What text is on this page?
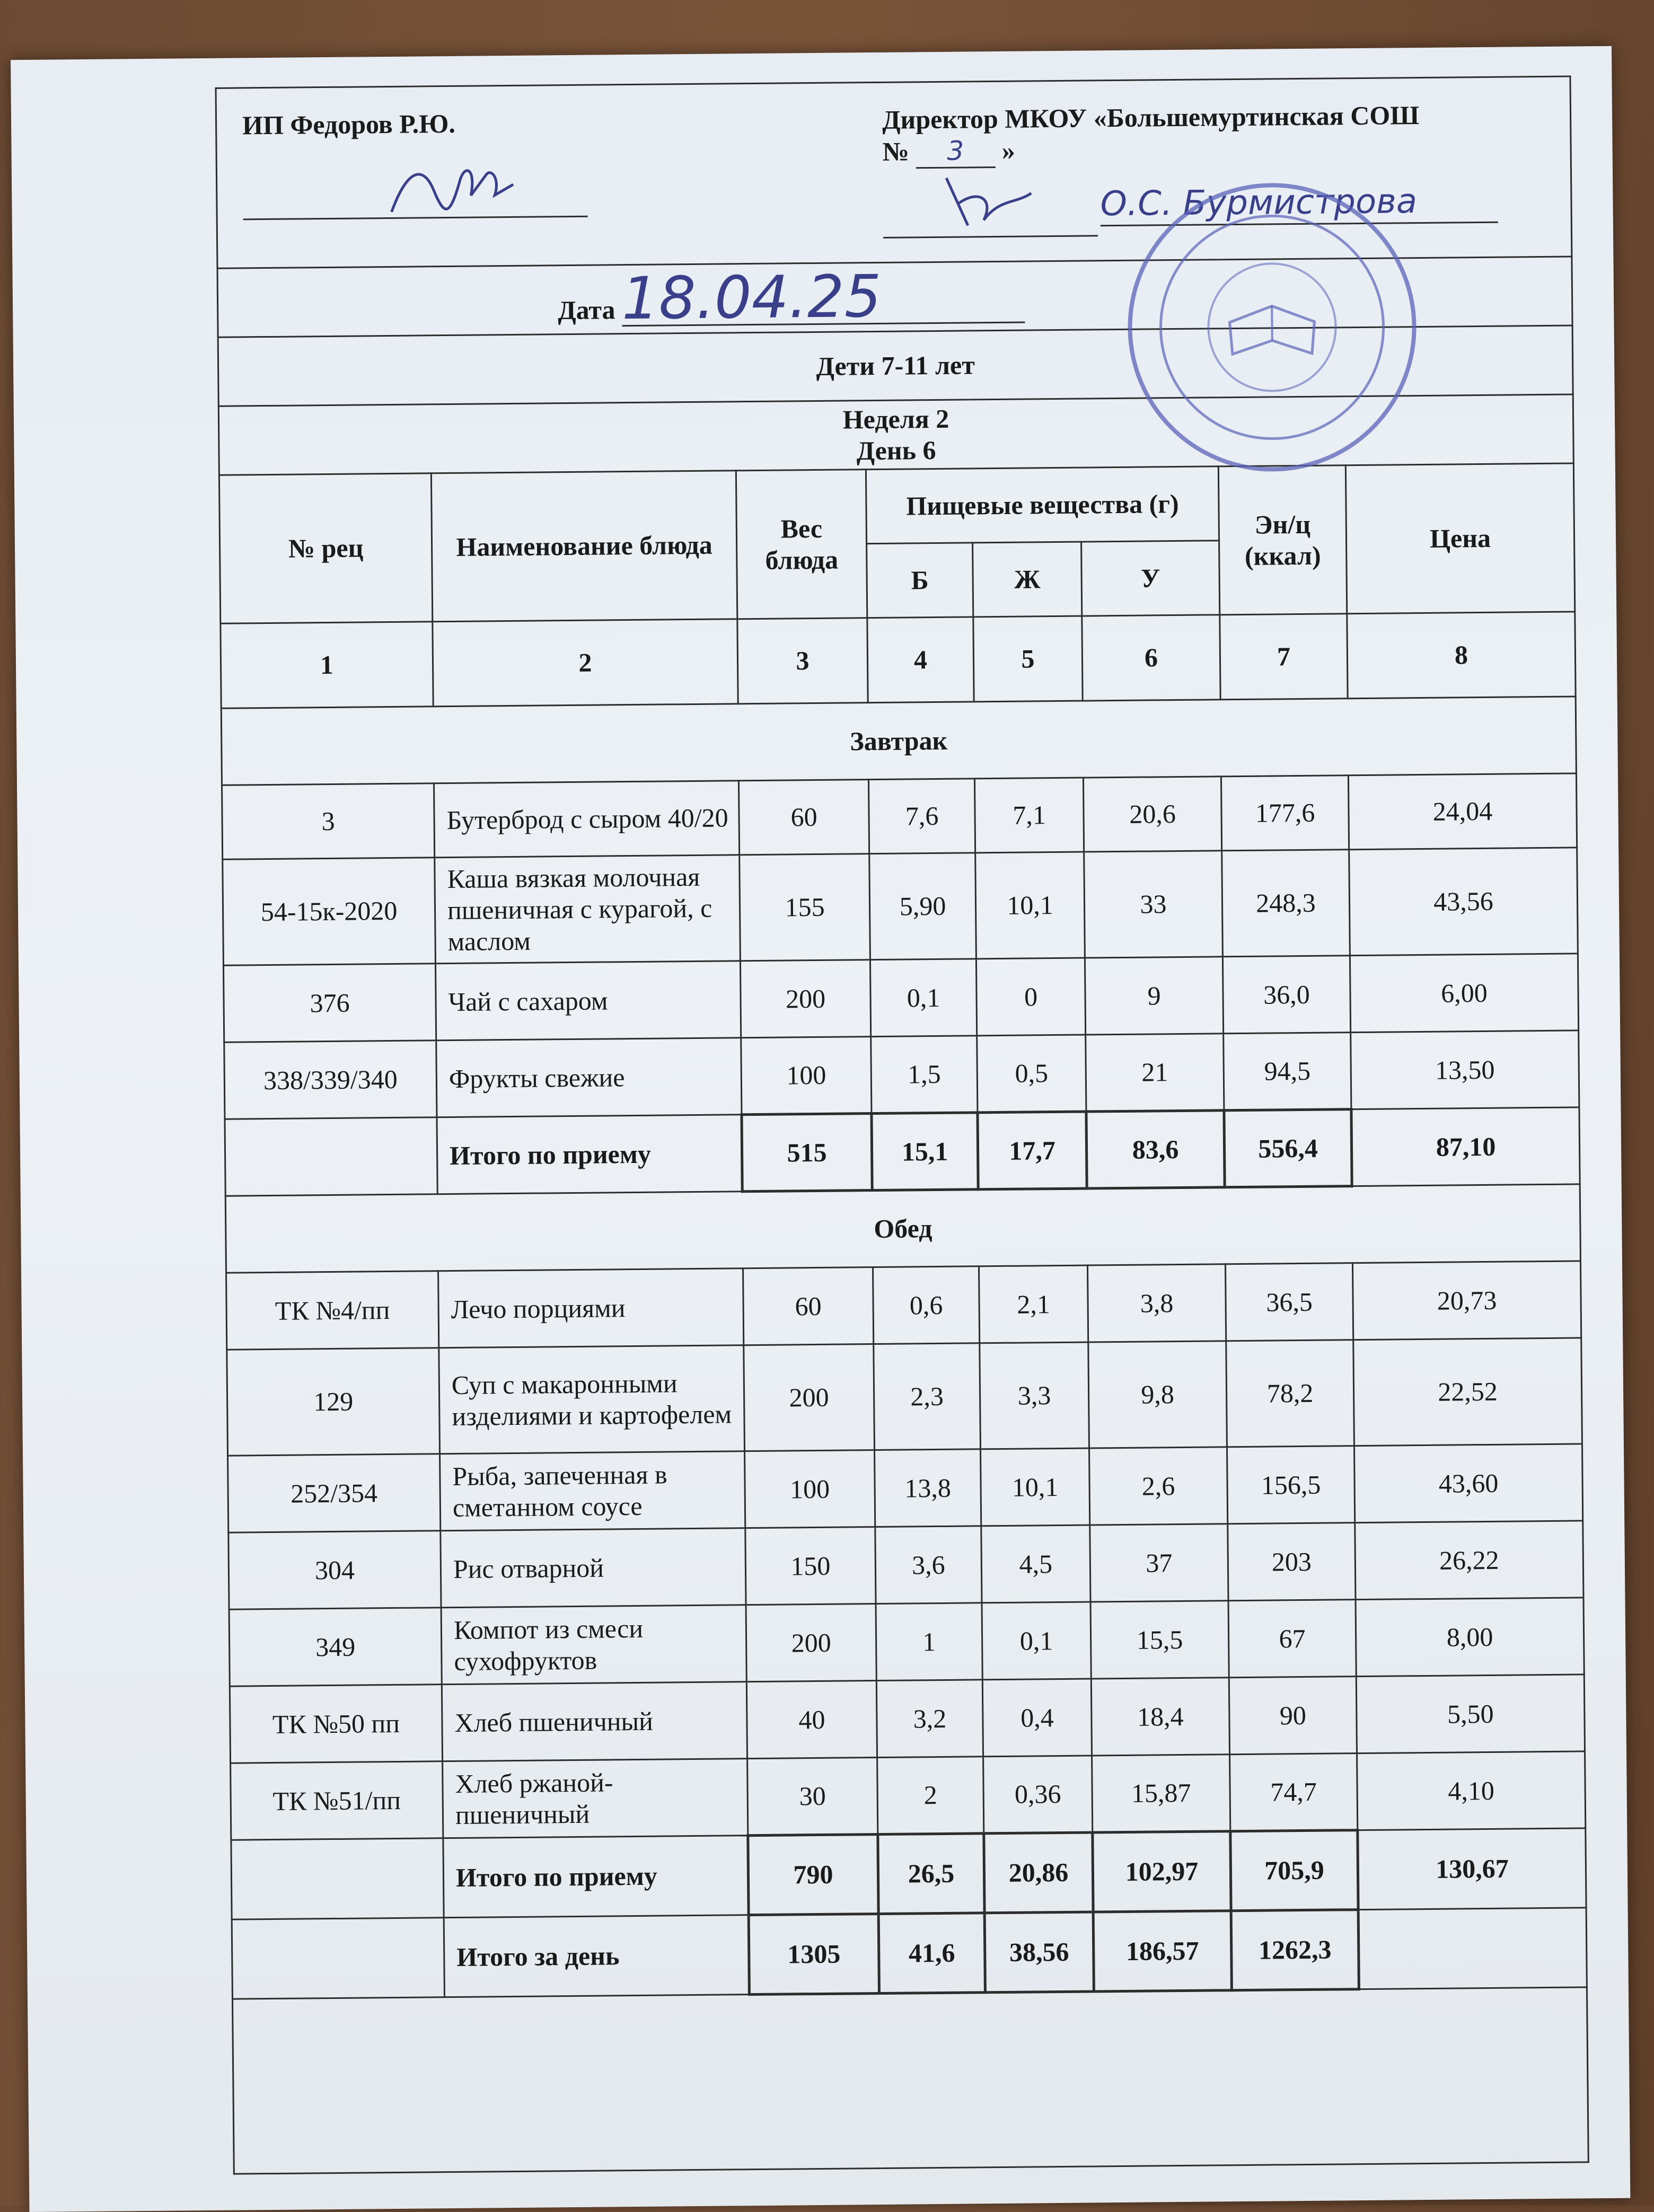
ИП Федоров Р.Ю. Директор МКОУ «Большемуртинская СОШ
№ 3 »
О.С. Бурмистрова							

Дата 18.04.25							
Дети 7-11 лет							

Неделя 2
День 6							

№ рец	Наименование блюда	Вес блюда	Пищевые вещества (г)			Эн/ц (ккал)	Цена
			Б	Ж	У		
1	2	3	4	5	6	7	8
Завтрак							
3	Бутерброд с сыром 40/20	60	7,6	7,1	20,6	177,6	24,04
54-15к-2020	Каша вязкая молочная пшеничная с курагой, с маслом	155	5,90	10,1	33	248,3	43,56
376	Чай с сахаром	200	0,1	0	9	36,0	6,00
338/339/340	Фрукты свежие	100	1,5	0,5	21	94,5	13,50
	Итого по приему	515	15,1	17,7	83,6	556,4	87,10
Обед							
ТК №4/пп	Лечо порциями	60	0,6	2,1	3,8	36,5	20,73
129	Суп с макаронными изделиями и картофелем	200	2,3	3,3	9,8	78,2	22,52
252/354	Рыба, запеченная в сметанном соусе	100	13,8	10,1	2,6	156,5	43,60
304	Рис отварной	150	3,6	4,5	37	203	26,22
349	Компот из смеси сухофруктов	200	1	0,1	15,5	67	8,00
ТК №50 пп	Хлеб пшеничный	40	3,2	0,4	18,4	90	5,50
ТК №51/пп	Хлеб ржаной-пшеничный	30	2	0,36	15,87	74,7	4,10
	Итого по приему	790	26,5	20,86	102,97	705,9	130,67
	Итого за день	1305	41,6	38,56	186,57	1262,3	
